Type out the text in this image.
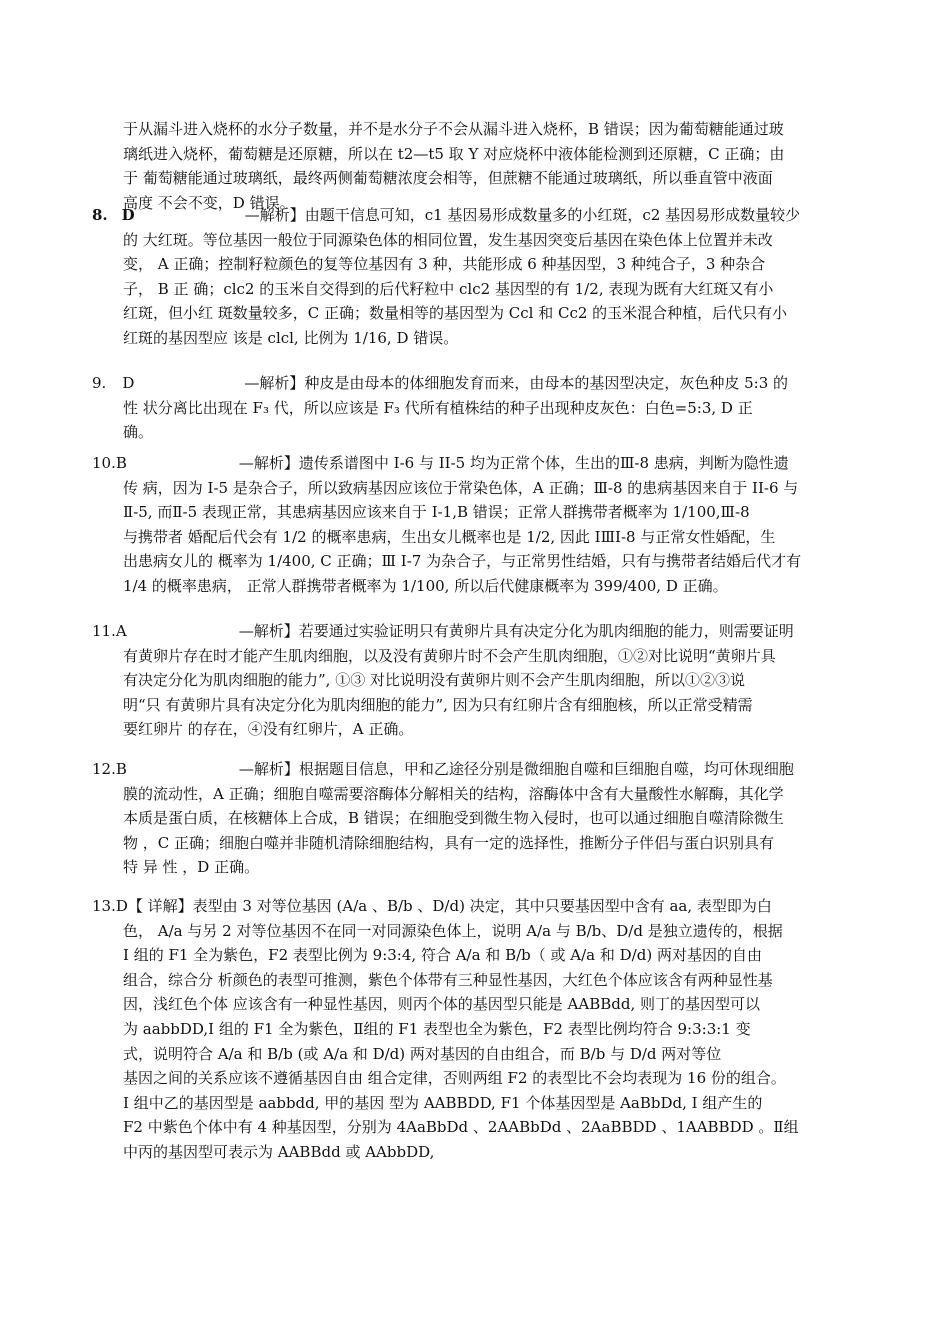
于从漏斗进入烧杯的水分子数量，并不是水分子不会从漏斗进入烧杯，B 错误；因为葡萄糖能通过玻

璃纸进入烧杯，葡萄糖是还原糖，所以在 t2—t5 取 Y 对应烧杯中液体能检测到还原糖，C 正确；由

于 葡萄糖能通过玻璃纸，最终两侧葡萄糖浓度会相等，但蔗糖不能通过玻璃纸，所以垂直管中液面

高度 不会不变，D 错误。

8. D	—解析】由题干信息可知，c1 基因易形成数量多的小红斑，c2 基因易形成数量较少

的 大红斑。等位基因一般位于同源染色体的相同位置，发生基因突变后基因在染色体上位置并未改

变， A 正确；控制籽粒颜色的复等位基因有 3 种，共能形成 6 种基因型，3 种纯合子，3 种杂合

子， B 正 确；clc2 的玉米自交得到的后代籽粒中 clc2 基因型的有 1/2, 表现为既有大红斑又有小

红斑，但小红 斑数量较多，C 正确；数量相等的基因型为 Ccl 和 Cc2 的玉米混合种植，后代只有小

红斑的基因型应 该是 clcl, 比例为 1/16, D 错误。

9. D	—解析】种皮是由母本的体细胞发育而来，由母本的基因型决定，灰色种皮 5:3 的

性 状分离比出现在 F₃ 代，所以应该是 F₃ 代所有植株结的种子出现种皮灰色：白色=5:3, D 正

确。

10.B	—解析】遗传系谱图中 I-6 与 II-5 均为正常个体，生出的Ⅲ-8 患病，判断为隐性遗

传 病，因为 I-5 是杂合子，所以致病基因应该位于常染色体，A 正确；Ⅲ-8 的患病基因来自于 II-6 与

Ⅱ-5, 而Ⅱ-5 表现正常，其患病基因应该来自于 I-1,B 错误；正常人群携带者概率为 1/100,Ⅲ-8

与携带者 婚配后代会有 1/2 的概率患病，生出女儿概率也是 1/2, 因此 IⅢI-8 与正常女性婚配，生

出患病女儿的 概率为 1/400, C 正确；Ⅲ I-7 为杂合子，与正常男性结婚，只有与携带者结婚后代才有

1/4 的概率患病， 正常人群携带者概率为 1/100, 所以后代健康概率为 399/400, D 正确。

11.A	—解析】若要通过实验证明只有黄卵片具有决定分化为肌肉细胞的能力，则需要证明

有黄卵片存在时才能产生肌肉细胞，以及没有黄卵片时不会产生肌肉细胞，①②对比说明“黄卵片具

有决定分化为肌肉细胞的能力”, ①③ 对比说明没有黄卵片则不会产生肌肉细胞，所以①②③说

明“只 有黄卵片具有决定分化为肌肉细胞的能力”, 因为只有红卵片含有细胞核，所以正常受精需

要红卵片 的存在，④没有红卵片，A 正确。

12.B	—解析】根据题目信息，甲和乙途径分别是微细胞自噬和巨细胞自噬，均可休现细胞

膜的流动性，A 正确；细胞自噬需要溶酶体分解相关的结构，溶酶体中含有大量酸性水解酶，其化学

本质是蛋白质，在核糖体上合成，B 错误；在细胞受到微生物入侵时，也可以通过细胞自噬清除微生

物 ，C 正确；细胞白噬并非随机清除细胞结构，具有一定的选择性，推断分子伴侣与蛋白识别具有

特 异 性 ，D 正确。

13.D【 详解】表型由 3 对等位基因 (A/a 、B/b 、D/d) 决定，其中只要基因型中含有 aa, 表型即为白

色， A/a 与另 2 对等位基因不在同一对同源染色体上，说明 A/a 与 B/b、D/d 是独立遗传的，根据

I 组的 F1 全为紫色，F2 表型比例为 9:3:4, 符合 A/a 和 B/b（ 或 A/a 和 D/d) 两对基因的自由

组合，综合分 析颜色的表型可推测，紫色个体带有三种显性基因，大红色个体应该含有两种显性基

因，浅红色个体 应该含有一种显性基因，则丙个体的基因型只能是 AABBdd, 则丁的基因型可以

为 aabbDD,I 组的 F1 全为紫色，Ⅱ组的 F1 表型也全为紫色，F2 表型比例均符合 9:3:3:1 变

式，说明符合 A/a 和 B/b (或 A/a 和 D/d) 两对基因的自由组合，而 B/b 与 D/d 两对等位

基因之间的关系应该不遵循基因自由 组合定律，否则两组 F2 的表型比不会均表现为 16 份的组合。

I 组中乙的基因型是 aabbdd, 甲的基因 型为 AABBDD, F1 个体基因型是 AaBbDd, I 组产生的

F2 中紫色个体中有 4 种基因型，分别为 4AaBbDd 、2AABbDd 、2AaBBDD 、1AABBDD 。Ⅱ组

中丙的基因型可表示为 AABBdd 或 AAbbDD,
